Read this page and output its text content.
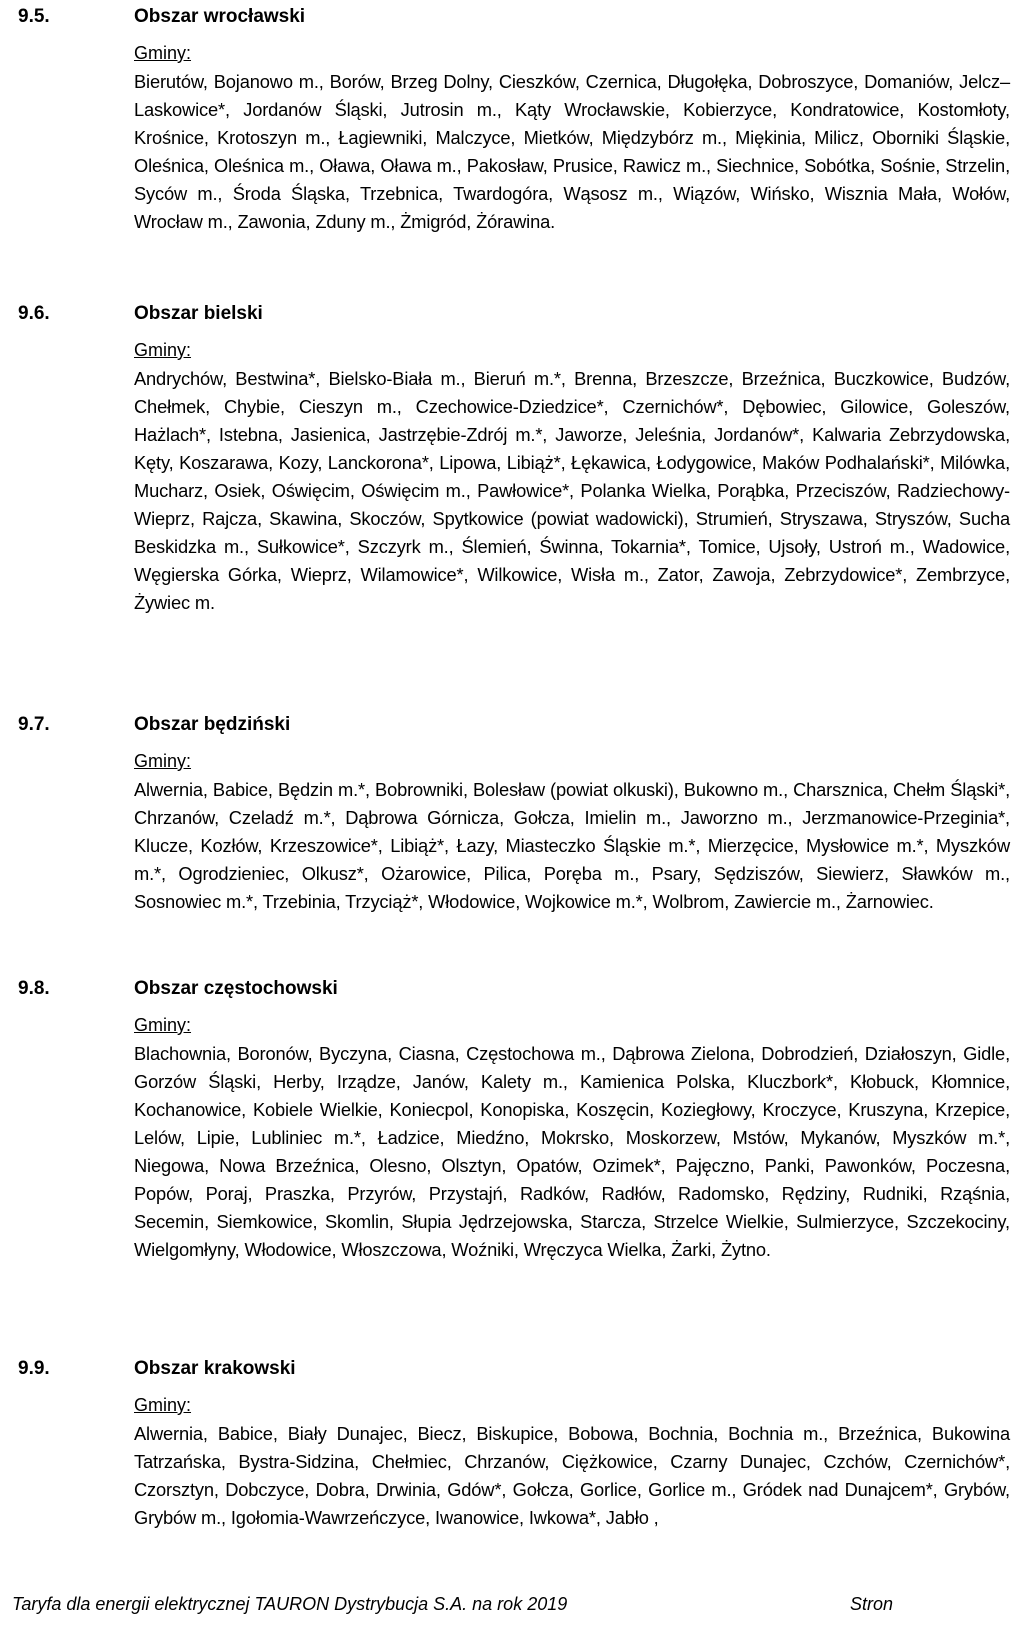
9.5.	Obszar wrocławski
Gminy:
Bierutów, Bojanowo m., Borów, Brzeg Dolny, Cieszków, Czernica, Długołęka, Dobroszyce, Domaniów, Jelcz–Laskowice*, Jordanów Śląski, Jutrosin m., Kąty Wrocławskie, Kobierzyce, Kondratowice, Kostomłoty, Krośnice, Krotoszyn m., Łagiewniki, Malczyce, Mietków, Międzybórz m., Miękinia, Milicz, Oborniki Śląskie, Oleśnica, Oleśnica m., Oława, Oława m., Pakosław, Prusice, Rawicz m., Siechnice, Sobótka, Sośnie, Strzelin, Syców m., Środa Śląska, Trzebnica, Twardogóra, Wąsosz m., Wiązów, Wińsko, Wisznia Mała, Wołów, Wrocław m., Zawonia, Zduny m., Żmigród, Żórawina.
9.6.	Obszar bielski
Gminy:
Andrychów, Bestwina*, Bielsko-Biała m., Bieruń m.*, Brenna, Brzeszcze, Brzeźnica, Buczkowice, Budzów, Chełmek, Chybie, Cieszyn m., Czechowice-Dziedzice*, Czernichów*, Dębowiec, Gilowice, Goleszów, Hażlach*, Istebna, Jasienica, Jastrzębie-Zdrój m.*, Jaworze, Jeleśnia, Jordanów*, Kalwaria Zebrzydowska, Kęty, Koszarawa, Kozy, Lanckorona*, Lipowa, Libiąż*, Łękawica, Łodygowice, Maków Podhalański*, Milówka, Mucharz, Osiek, Oświęcim, Oświęcim m., Pawłowice*, Polanka Wielka, Porąbka, Przeciszów, Radziechowy-Wieprz, Rajcza, Skawina, Skoczów, Spytkowice (powiat wadowicki), Strumień, Stryszawa, Stryszów, Sucha Beskidzka m., Sułkowice*, Szczyrk m., Ślemień, Świnna, Tokarnia*, Tomice, Ujsoły, Ustroń m., Wadowice, Węgierska Górka, Wieprz, Wilamowice*, Wilkowice, Wisła m., Zator, Zawoja, Zebrzydowice*, Zembrzyce, Żywiec m.
9.7.	Obszar będziński
Gminy:
Alwernia, Babice, Będzin m.*, Bobrowniki, Bolesław (powiat olkuski), Bukowno m., Charsznica, Chełm Śląski*, Chrzanów, Czeladź m.*, Dąbrowa Górnicza, Gołcza, Imielin m., Jaworzno m., Jerzmanowice-Przeginia*, Klucze, Kozłów, Krzeszowice*, Libiąż*, Łazy, Miasteczko Śląskie m.*, Mierzęcice, Mysłowice m.*, Myszków m.*, Ogrodzieniec, Olkusz*, Ożarowice, Pilica, Poręba m., Psary, Sędziszów, Siewierz, Sławków m., Sosnowiec m.*, Trzebinia, Trzyciąż*, Włodowice, Wojkowice m.*, Wolbrom, Zawiercie m., Żarnowiec.
9.8.	Obszar częstochowski
Gminy:
Blachownia, Boronów, Byczyna, Ciasna, Częstochowa m., Dąbrowa Zielona, Dobrodzień, Działoszyn, Gidle, Gorzów Śląski, Herby, Irządze, Janów, Kalety m., Kamienica Polska, Kluczbork*, Kłobuck, Kłomnice, Kochanowice, Kobiele Wielkie, Koniecpol, Konopiska, Koszęcin, Koziegłowy, Kroczyce, Kruszyna, Krzepice, Lelów, Lipie, Lubliniec m.*, Ładzice, Miedźno, Mokrsko, Moskorzew, Mstów, Mykanów, Myszków m.*, Niegowa, Nowa Brzeźnica, Olesno, Olsztyn, Opatów, Ozimek*, Pajęczno, Panki, Pawonków, Poczesna, Popów, Poraj, Praszka, Przyrów, Przystajń, Radków, Radłów, Radomsko, Rędziny, Rudniki, Rząśnia, Secemin, Siemkowice, Skomlin, Słupia Jędrzejowska, Starcza, Strzelce Wielkie, Sulmierzyce, Szczekociny, Wielgomłyny, Włodowice, Włoszczowa, Woźniki, Wręczyca Wielka, Żarki, Żytno.
9.9.	Obszar krakowski
Gminy:
Alwernia, Babice, Biały Dunajec, Biecz, Biskupice, Bobowa, Bochnia, Bochnia m., Brzeźnica, Bukowina Tatrzańska, Bystra-Sidzina, Chełmiec, Chrzanów, Ciężkowice, Czarny Dunajec, Czchów, Czernichów*, Czorsztyn, Dobczyce, Dobra, Drwinia, Gdów*, Gołcza, Gorlice, Gorlice m., Gródek nad Dunajcem*, Grybów, Grybów m., Igołomia-Wawrzeńczyce, Iwanowice, Iwkowa*, Jabło ,
Taryfa dla energii elektrycznej TAURON Dystrybucja S.A. na rok 2019	Stron
